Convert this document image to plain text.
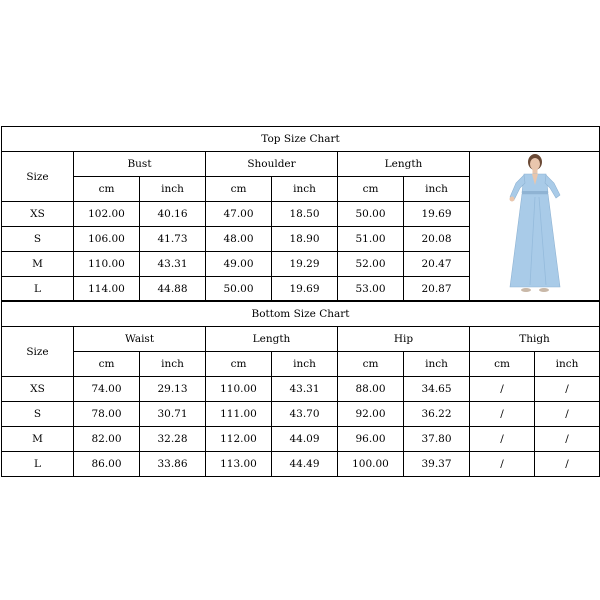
Top Size Chart							
Size	Bust		Shoulder		Length	

	cm	inch	cm	inch	cm	inch	
XS	102.00	40.16	47.00	18.50	50.00	19.69	
S	106.00	41.73	48.00	18.90	51.00	20.08	
M	110.00	43.31	49.00	19.29	52.00	20.47	
L	114.00	44.88	50.00	19.69	53.00	20.87	
Bottom Size Chart								
Size	Waist		Length		Hip		Thigh	
	cm	inch	cm	inch	cm	inch	cm	inch
XS	74.00	29.13	110.00	43.31	88.00	34.65	/	/
S	78.00	30.71	111.00	43.70	92.00	36.22	/	/
M	82.00	32.28	112.00	44.09	96.00	37.80	/	/
L	86.00	33.86	113.00	44.49	100.00	39.37	/	/
